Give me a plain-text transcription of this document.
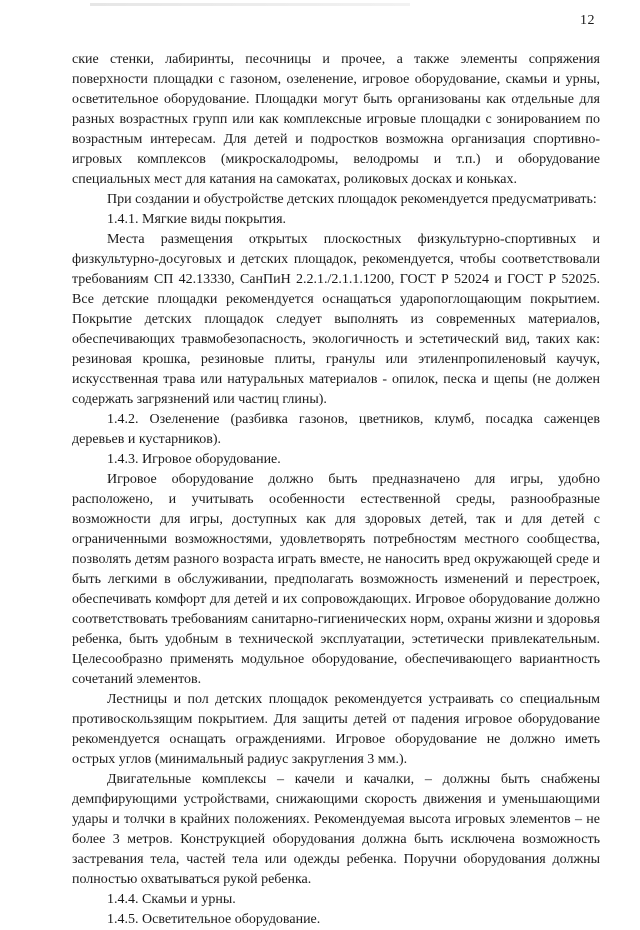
12

ские стенки, лабиринты, песочницы и прочее, а также элементы сопряжения поверхности площадки с газоном, озеленение, игровое оборудование, скамьи и урны, осветительное оборудование. Площадки могут быть организованы как отдельные для разных возрастных групп или как комплексные игровые площадки с зонированием по возрастным интересам. Для детей и подростков возможна организация спортивно-игровых комплексов (микроскалодромы, велодромы и т.п.) и оборудование специальных мест для катания на самокатах, роликовых досках и коньках.

При создании и обустройстве детских площадок рекомендуется предусматривать:

1.4.1. Мягкие виды покрытия.

Места размещения открытых плоскостных физкультурно-спортивных и физкультурно-досуговых и детских площадок, рекомендуется, чтобы соответствовали требованиям СП 42.13330, СанПиН 2.2.1./2.1.1.1200, ГОСТ Р 52024 и ГОСТ Р 52025. Все детские площадки рекомендуется оснащаться ударопоглощающим покрытием. Покрытие детских площадок следует выполнять из современных материалов, обеспечивающих травмобезопасность, экологичность и эстетический вид, таких как: резиновая крошка, резиновые плиты, гранулы или этиленпропиленовый каучук, искусственная трава или натуральных материалов - опилок, песка и щепы (не должен содержать загрязнений или частиц глины).

1.4.2. Озеленение (разбивка газонов, цветников, клумб, посадка саженцев деревьев и кустарников).

1.4.3. Игровое оборудование.

Игровое оборудование должно быть предназначено для игры, удобно расположено, и учитывать особенности естественной среды, разнообразные возможности для игры, доступных как для здоровых детей, так и для детей с ограниченными возможностями, удовлетворять потребностям местного сообщества, позволять детям разного возраста играть вместе, не наносить вред окружающей среде и быть легкими в обслуживании, предполагать возможность изменений и перестроек, обеспечивать комфорт для детей и их сопровождающих. Игровое оборудование должно соответствовать требованиям санитарно-гигиенических норм, охраны жизни и здоровья ребенка, быть удобным в технической эксплуатации, эстетически привлекательным. Целесообразно применять модульное оборудование, обеспечивающего вариантность сочетаний элементов.

Лестницы и пол детских площадок рекомендуется устраивать со специальным противоскользящим покрытием. Для защиты детей от падения игровое оборудование рекомендуется оснащать ограждениями. Игровое оборудование не должно иметь острых углов (минимальный радиус закругления 3 мм.).

Двигательные комплексы – качели и качалки, – должны быть снабжены демпфирующими устройствами, снижающими скорость движения и уменьшающими удары и толчки в крайних положениях. Рекомендуемая высота игровых элементов – не более 3 метров. Конструкцией оборудования должна быть исключена возможность застревания тела, частей тела или одежды ребенка. Поручни оборудования должны полностью охватываться рукой ребенка.

1.4.4. Скамьи и урны.

1.4.5. Осветительное оборудование.
